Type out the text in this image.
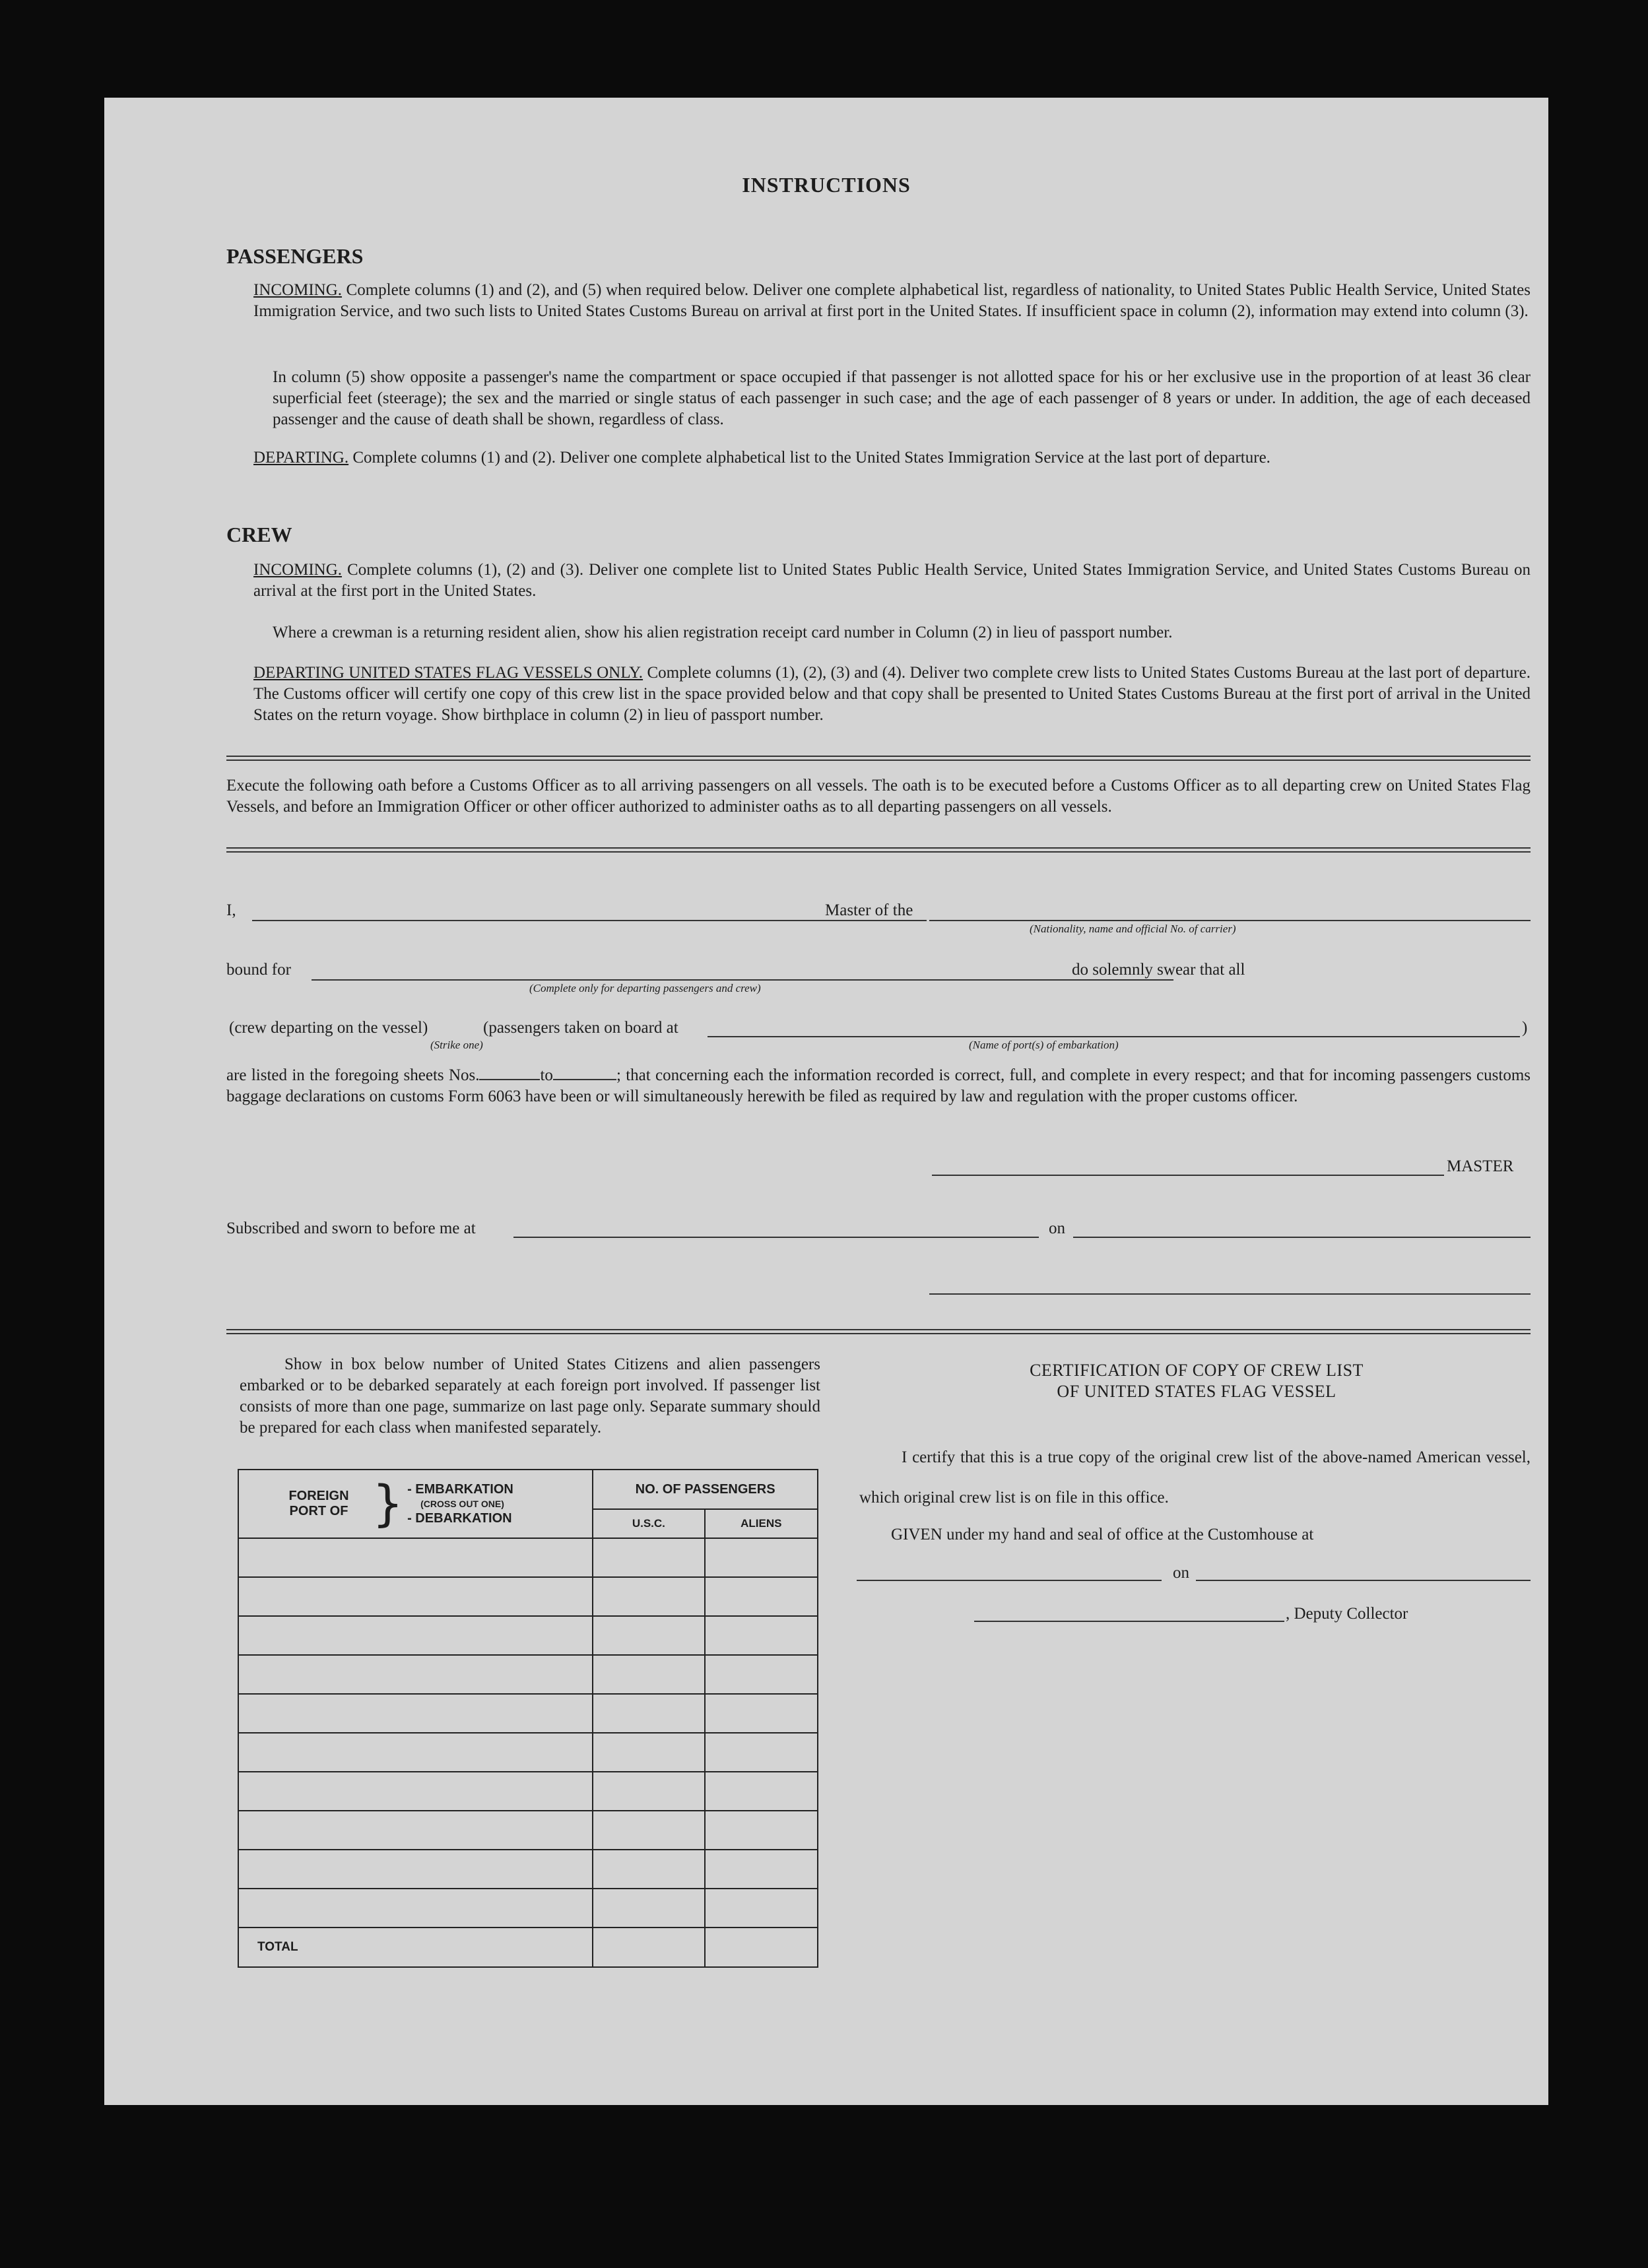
INSTRUCTIONS
PASSENGERS
INCOMING. Complete columns (1) and (2), and (5) when required below. Deliver one complete alphabetical list, regardless of nationality, to United States Public Health Service, United States Immigration Service, and two such lists to United States Customs Bureau on arrival at first port in the United States. If insufficient space in column (2), information may extend into column (3).
In column (5) show opposite a passenger's name the compartment or space occupied if that passenger is not allotted space for his or her exclusive use in the proportion of at least 36 clear superficial feet (steerage); the sex and the married or single status of each passenger in such case; and the age of each passenger of 8 years or under. In addition, the age of each deceased passenger and the cause of death shall be shown, regardless of class.
DEPARTING. Complete columns (1) and (2). Deliver one complete alphabetical list to the United States Immigration Service at the last port of departure.
CREW
INCOMING. Complete columns (1), (2) and (3). Deliver one complete list to United States Public Health Service, United States Immigration Service, and United States Customs Bureau on arrival at the first port in the United States.
Where a crewman is a returning resident alien, show his alien registration receipt card number in Column (2) in lieu of passport number.
DEPARTING UNITED STATES FLAG VESSELS ONLY. Complete columns (1), (2), (3) and (4). Deliver two complete crew lists to United States Customs Bureau at the last port of departure. The Customs officer will certify one copy of this crew list in the space provided below and that copy shall be presented to United States Customs Bureau at the first port of arrival in the United States on the return voyage. Show birthplace in column (2) in lieu of passport number.
Execute the following oath before a Customs Officer as to all arriving passengers on all vessels. The oath is to be executed before a Customs Officer as to all departing crew on United States Flag Vessels, and before an Immigration Officer or other officer authorized to administer oaths as to all departing passengers on all vessels.
I,	Master of the
(Nationality, name and official No. of carrier)
bound for
(Complete only for departing passengers and crew)
do solemnly swear that all
(crew departing on the vessel)
(Strike one)
(passengers taken on board at
(Name of port(s) of embarkation)
)
are listed in the foregoing sheets Nos.	to	; that concerning each the information recorded is correct, full, and complete in every respect; and that for incoming passengers customs baggage declarations on customs Form 6063 have been or will simultaneously herewith be filed as required by law and regulation with the proper customs officer.
MASTER
Subscribed and sworn to before me at	on
Show in box below number of United States Citizens and alien passengers embarked or to be debarked separately at each foreign port involved. If passenger list consists of more than one page, summarize on last page only. Separate summary should be prepared for each class when manifested separately.
FOREIGN PORT OF } - EMBARKATION
(CROSS OUT ONE)
- DEBARKATION	NO. OF PASSENGERS	
	U.S.C.	ALIENS

TOTAL		
CERTIFICATION OF COPY OF CREW LIST
OF UNITED STATES FLAG VESSEL
I certify that this is a true copy of the original crew list of the above-named American vessel, which original crew list is on file in this office.
GIVEN under my hand and seal of office at the Customhouse at
on
, Deputy Collector
